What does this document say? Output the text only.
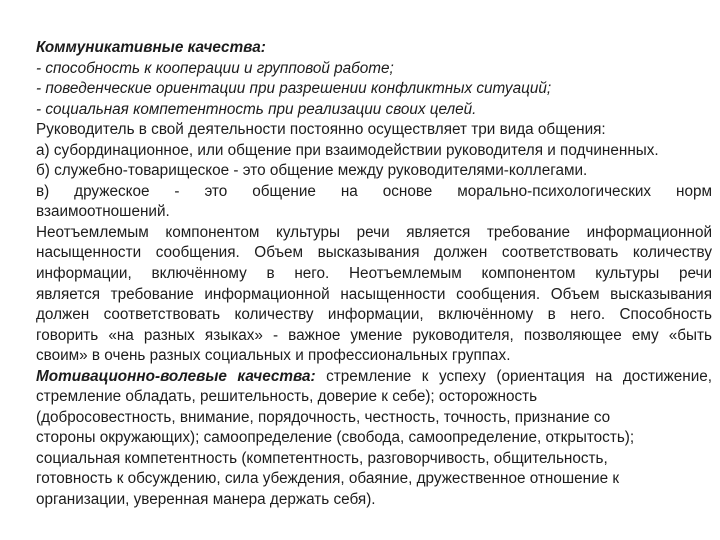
Коммуникативные качества:
- способность к кооперации и групповой работе;
- поведенческие ориентации при разрешении конфликтных ситуаций;
- социальная компетентность при реализации своих целей.
Руководитель в свой деятельности постоянно осуществляет три вида общения:
а) субординационное, или общение при взаимодействии руководителя и подчиненных.
б) служебно-товарищеское - это общение между руководителями-коллегами.
в) дружеское - это общение на основе морально-психологических норм
взаимоотношений.
Неотъемлемым компонентом культуры речи является требование информационной
насыщенности сообщения. Объем высказывания должен соответствовать количеству
информации, включённому в него. Неотъемлемым компонентом культуры речи
является требование информационной насыщенности сообщения. Объем высказывания
должен соответствовать количеству информации, включённому в него. Способность
говорить «на разных языках» - важное умение руководителя, позволяющее ему «быть
своим» в очень разных социальных и профессиональных группах.
Мотивационно-волевые качества: стремление к успеху (ориентация на достижение,
стремление обладать, решительность, доверие к себе); осторожность
(добросовестность, внимание, порядочность, честность, точность, признание со
стороны окружающих); самоопределение (свобода, самоопределение, открытость);
социальная компетентность (компетентность, разговорчивость, общительность,
готовность к обсуждению, сила убеждения, обаяние, дружественное отношение к
организации, уверенная манера держать себя).
